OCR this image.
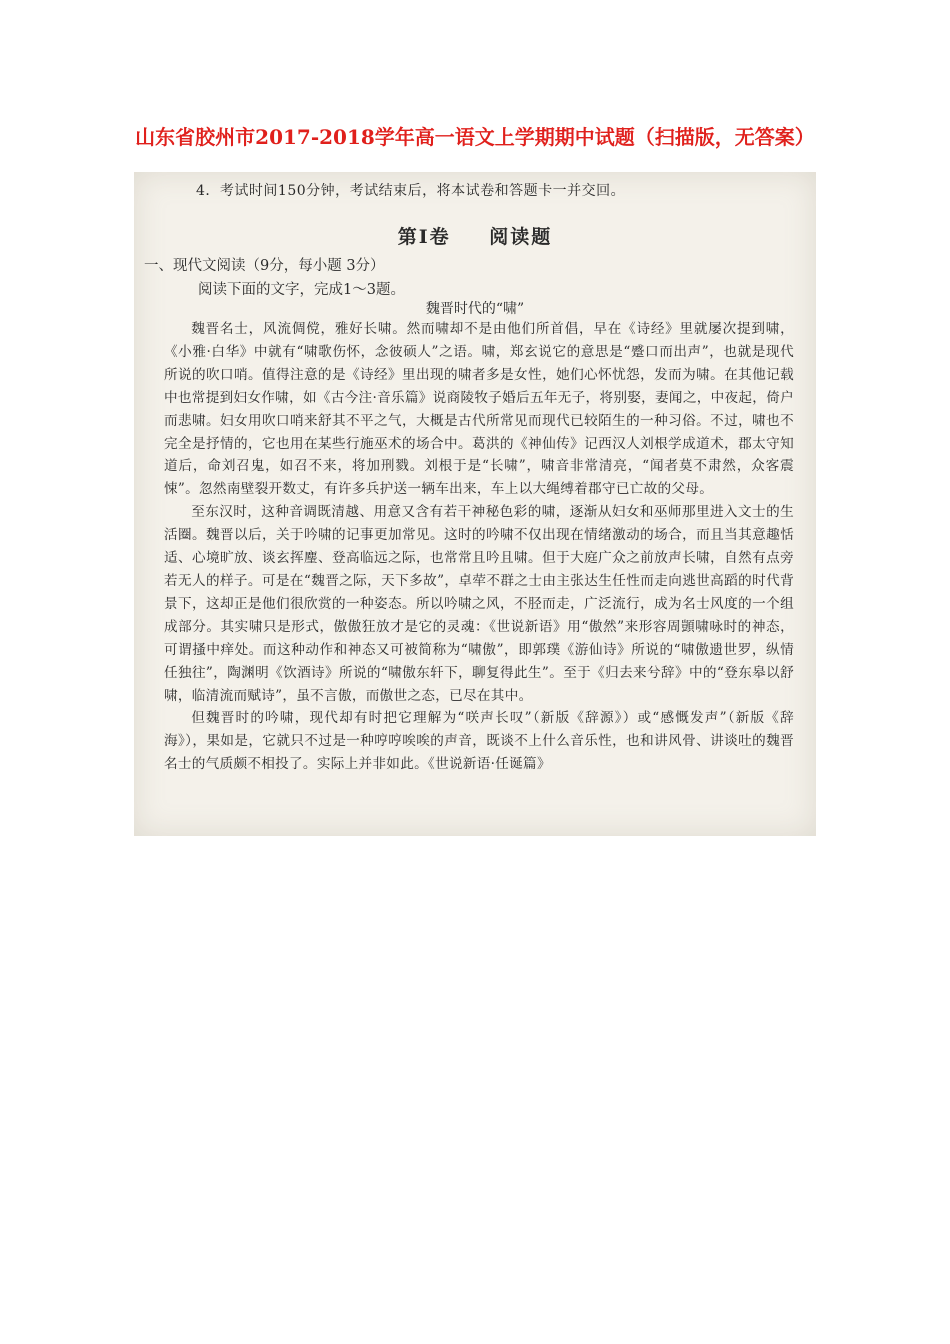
山东省胶州市2017-2018学年高一语文上学期期中试题（扫描版，无答案）
4．考试时间150分钟，考试结束后，将本试卷和答题卡一并交回。
第Ⅰ卷 阅读题
一、现代文阅读（9分，每小题 3分）
阅读下面的文字，完成1～3题。
魏晋时代的“啸”

魏晋名士，风流倜傥，雅好长啸。然而啸却不是由他们所首倡，早在《诗经》里就屡次提到啸，《小雅·白华》中就有“啸歌伤怀，念彼硕人”之语。啸，郑玄说它的意思是“蹙口而出声”，也就是现代所说的吹口哨。值得注意的是《诗经》里出现的啸者多是女性，她们心怀忧怨，发而为啸。在其他记载中也常提到妇女作啸，如《古今注·音乐篇》说商陵牧子婚后五年无子，将别娶，妻闻之，中夜起，倚户而悲啸。妇女用吹口哨来舒其不平之气，大概是古代所常见而现代已较陌生的一种习俗。不过，啸也不完全是抒情的，它也用在某些行施巫术的场合中。葛洪的《神仙传》记西汉人刘根学成道术，郡太守知道后，命刘召鬼，如召不来，将加刑戮。刘根于是“长啸”，啸音非常清亮，“闻者莫不肃然，众客震悚”。忽然南壁裂开数丈，有许多兵护送一辆车出来，车上以大绳缚着郡守已亡故的父母。

至东汉时，这种音调既清越、用意又含有若干神秘色彩的啸，逐渐从妇女和巫师那里进入文士的生活圈。魏晋以后，关于吟啸的记事更加常见。这时的吟啸不仅出现在情绪激动的场合，而且当其意趣恬适、心境旷放、谈玄挥麈、登高临远之际，也常常且吟且啸。但于大庭广众之前放声长啸，自然有点旁若无人的样子。可是在“魏晋之际，天下多故”，卓荦不群之士由主张达生任性而走向逃世高蹈的时代背景下，这却正是他们很欣赏的一种姿态。所以吟啸之风，不胫而走，广泛流行，成为名士风度的一个组成部分。其实啸只是形式，傲傲狂放才是它的灵魂：《世说新语》用“傲然”来形容周顗啸咏时的神态，可谓搔中痒处。而这种动作和神态又可被简称为“啸傲”，即郭璞《游仙诗》所说的“啸傲遗世罗，纵情任独往”，陶渊明《饮酒诗》所说的“啸傲东轩下，聊复得此生”。至于《归去来兮辞》中的“登东皋以舒啸，临清流而赋诗”，虽不言傲，而傲世之态，已尽在其中。

但魏晋时的吟啸，现代却有时把它理解为“咲声长叹”（新版《辞源》）或“感慨发声”（新版《辞海》），果如是，它就只不过是一种哼哼唉唉的声音，既谈不上什么音乐性，也和讲风骨、讲谈吐的魏晋名士的气质颇不相投了。实际上并非如此。《世说新语·任诞篇》
